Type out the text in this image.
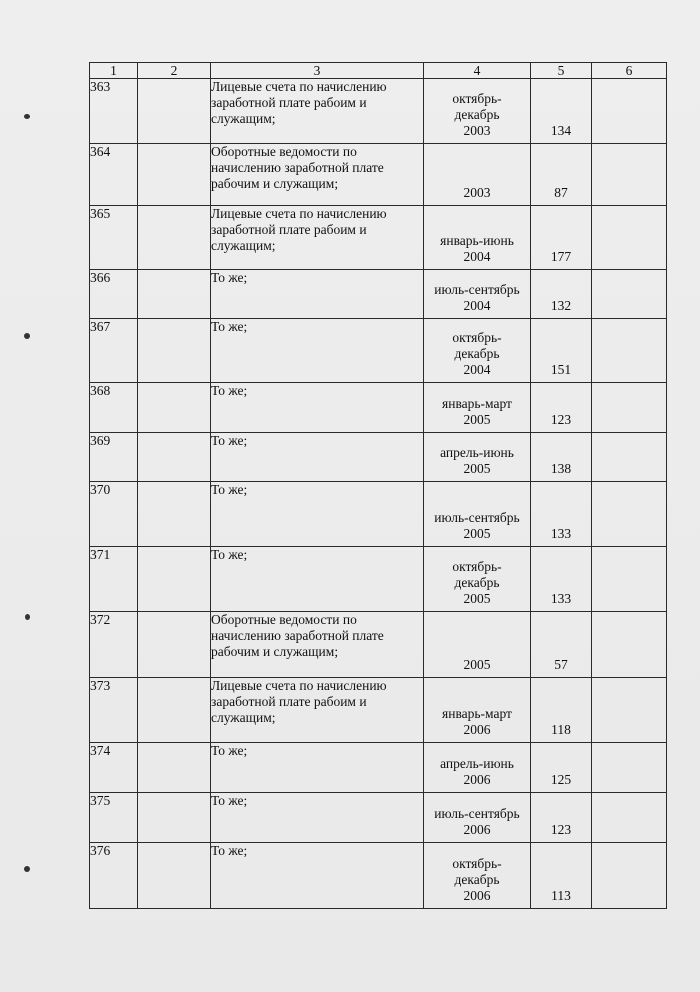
1	2	3	4	5	6
363		Лицевые счета по начислению заработной плате рабоим и служащим;	октябрь-
декабрь
2003	134	

364		Оборотные ведомости по начислению заработной плате рабочим и служащим;	2003	87	

365		Лицевые счета по начислению заработной плате рабоим и служащим;	январь-июнь
2004	177	

366		То же;	июль-сентябрь
2004	132	

367		То же;	октябрь-
декабрь
2004	151	

368		То же;	январь-март
2005	123	

369		То же;	апрель-июнь
2005	138	

370		То же;	июль-сентябрь
2005	133	

371		То же;	октябрь-
декабрь
2005	133	

372		Оборотные ведомости по начислению заработной плате рабочим и служащим;	2005	57	

373		Лицевые счета по начислению заработной плате рабоим и служащим;	январь-март
2006	118	

374		То же;	апрель-июнь
2006	125	

375		То же;	июль-сентябрь
2006	123	

376		То же;	октябрь-
декабрь
2006	113	
